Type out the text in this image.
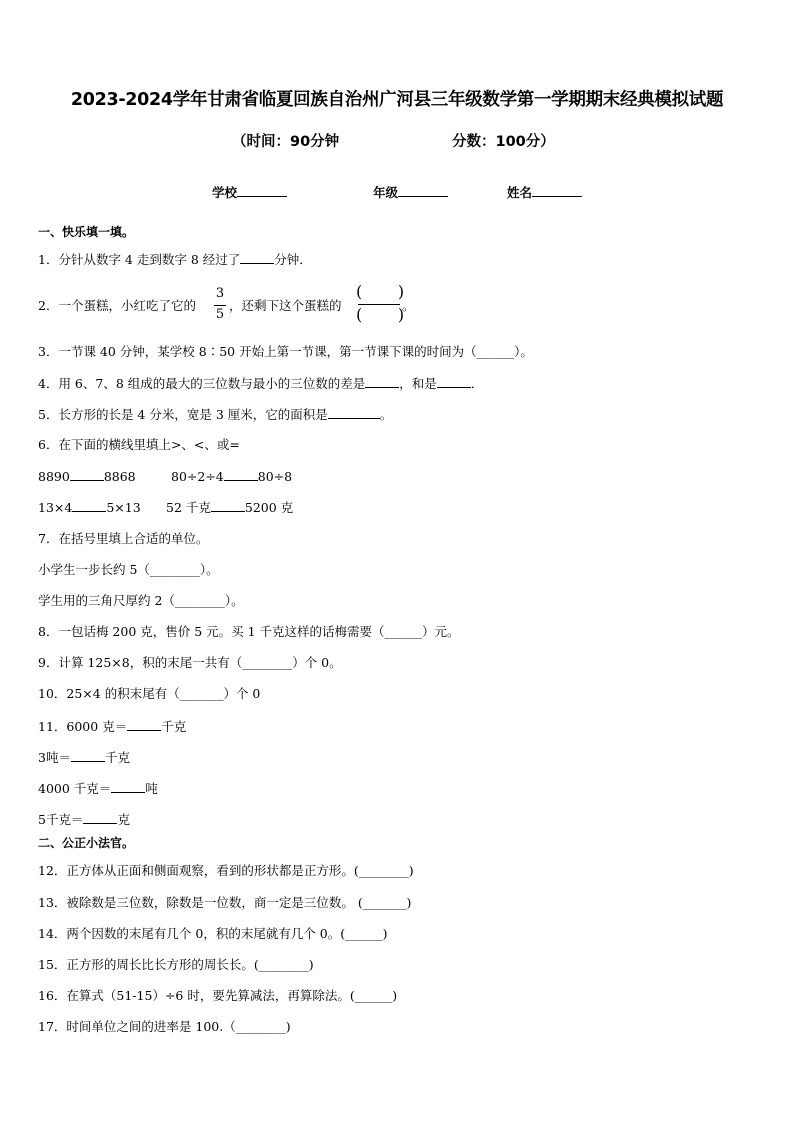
2023-2024学年甘肃省临夏回族自治州广河县三年级数学第一学期期末经典模拟试题
（时间：90分钟	分数：100分）
学校	年级	姓名
一、快乐填一填。
1．分针从数字 4 走到数字 8 经过了	分钟．
2．一个蛋糕，小红吃了它的
3
5
，还剩下这个蛋糕的
(       )
(       )
。
3．一节课 40 分钟，某学校 8∶50 开始上第一节课，第一节课下课的时间为（______）。
4．用 6、7、8 组成的最大的三位数与最小的三位数的差是	，和是	．
5．长方形的长是 4 分米，宽是 3 厘米，它的面积是	。
6．在下面的横线里填上>、<、或=
8890	8868	80÷2÷4	80÷8
13×4	5×13 52 千克	5200 克
7．在括号里填上合适的单位。
小学生一步长约 5（________）。
学生用的三角尺厚约 2（________）。
8．一包话梅 200 克，售价 5 元。买 1 千克这样的话梅需要（______）元。
9．计算 125×8，积的末尾一共有（________）个 0。
10．25×4 的积末尾有（_______）个 0
11．6000 克＝	千克
3吨＝	千克
4000 千克＝	吨
5千克＝	克
二、公正小法官。
12．正方体从正面和侧面观察，看到的形状都是正方形。(________)
13．被除数是三位数，除数是一位数，商一定是三位数。 (_______)
14．两个因数的末尾有几个 0，积的末尾就有几个 0。(______)
15．正方形的周长比长方形的周长长。(________)
16．在算式（51-15）÷6 时，要先算减法，再算除法。(______)
17．时间单位之间的进率是 100.（________)
